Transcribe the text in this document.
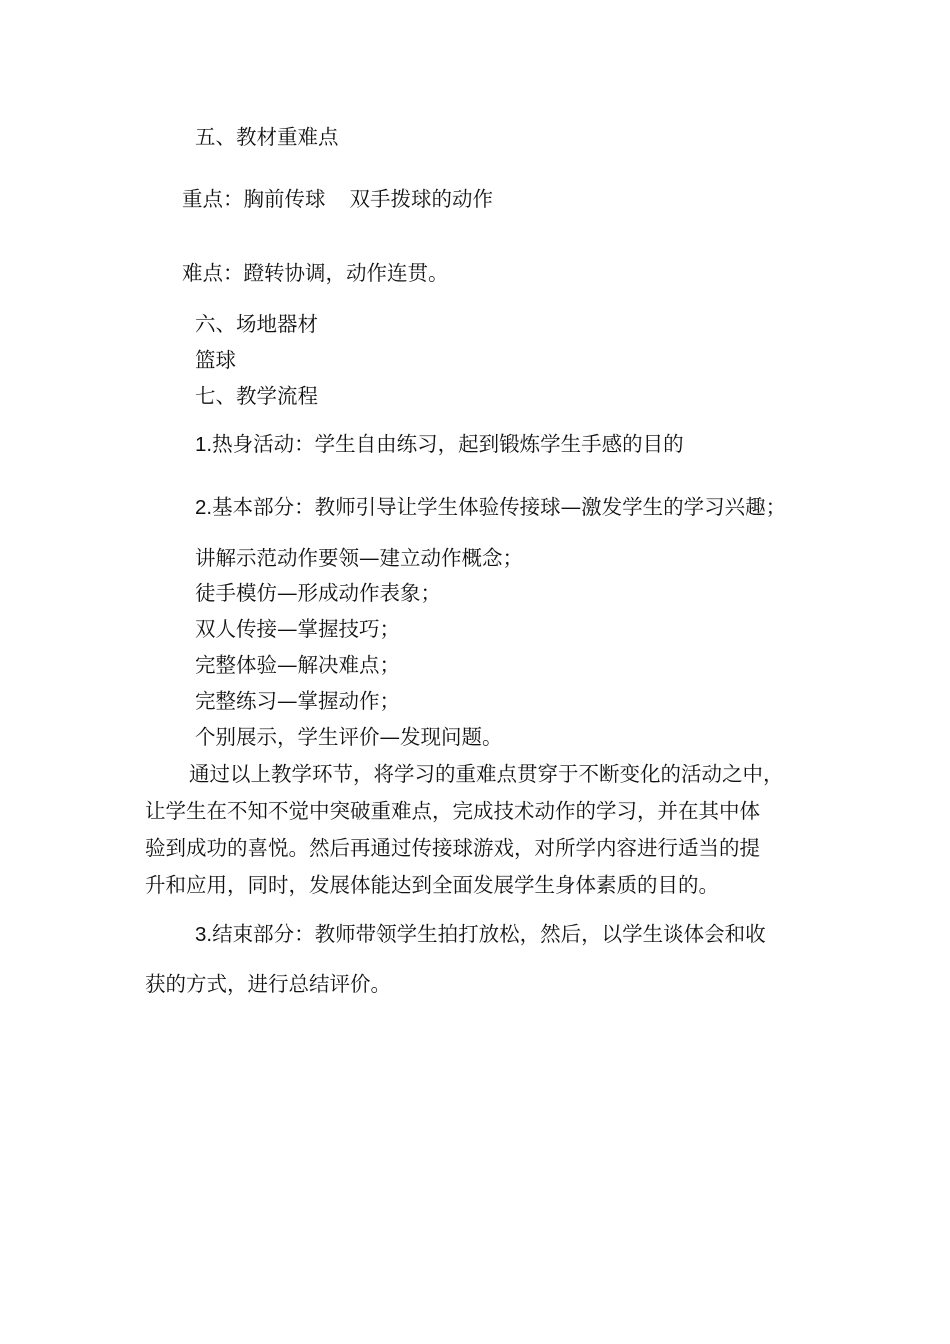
五、教材重难点
重点：胸前传球 双手拨球的动作
难点：蹬转协调，动作连贯。
六、场地器材
篮球
七、教学流程
1.热身活动：学生自由练习，起到锻炼学生手感的目的
2.基本部分：教师引导让学生体验传接球—激发学生的学习兴趣；
讲解示范动作要领—建立动作概念；
徒手模仿—形成动作表象；
双人传接—掌握技巧；
完整体验—解决难点；
完整练习—掌握动作；
个别展示，学生评价—发现问题。
通过以上教学环节，将学习的重难点贯穿于不断变化的活动之中，
让学生在不知不觉中突破重难点，完成技术动作的学习，并在其中体
验到成功的喜悦。然后再通过传接球游戏，对所学内容进行适当的提
升和应用，同时，发展体能达到全面发展学生身体素质的目的。
3.结束部分：教师带领学生拍打放松，然后，以学生谈体会和收
获的方式，进行总结评价。
